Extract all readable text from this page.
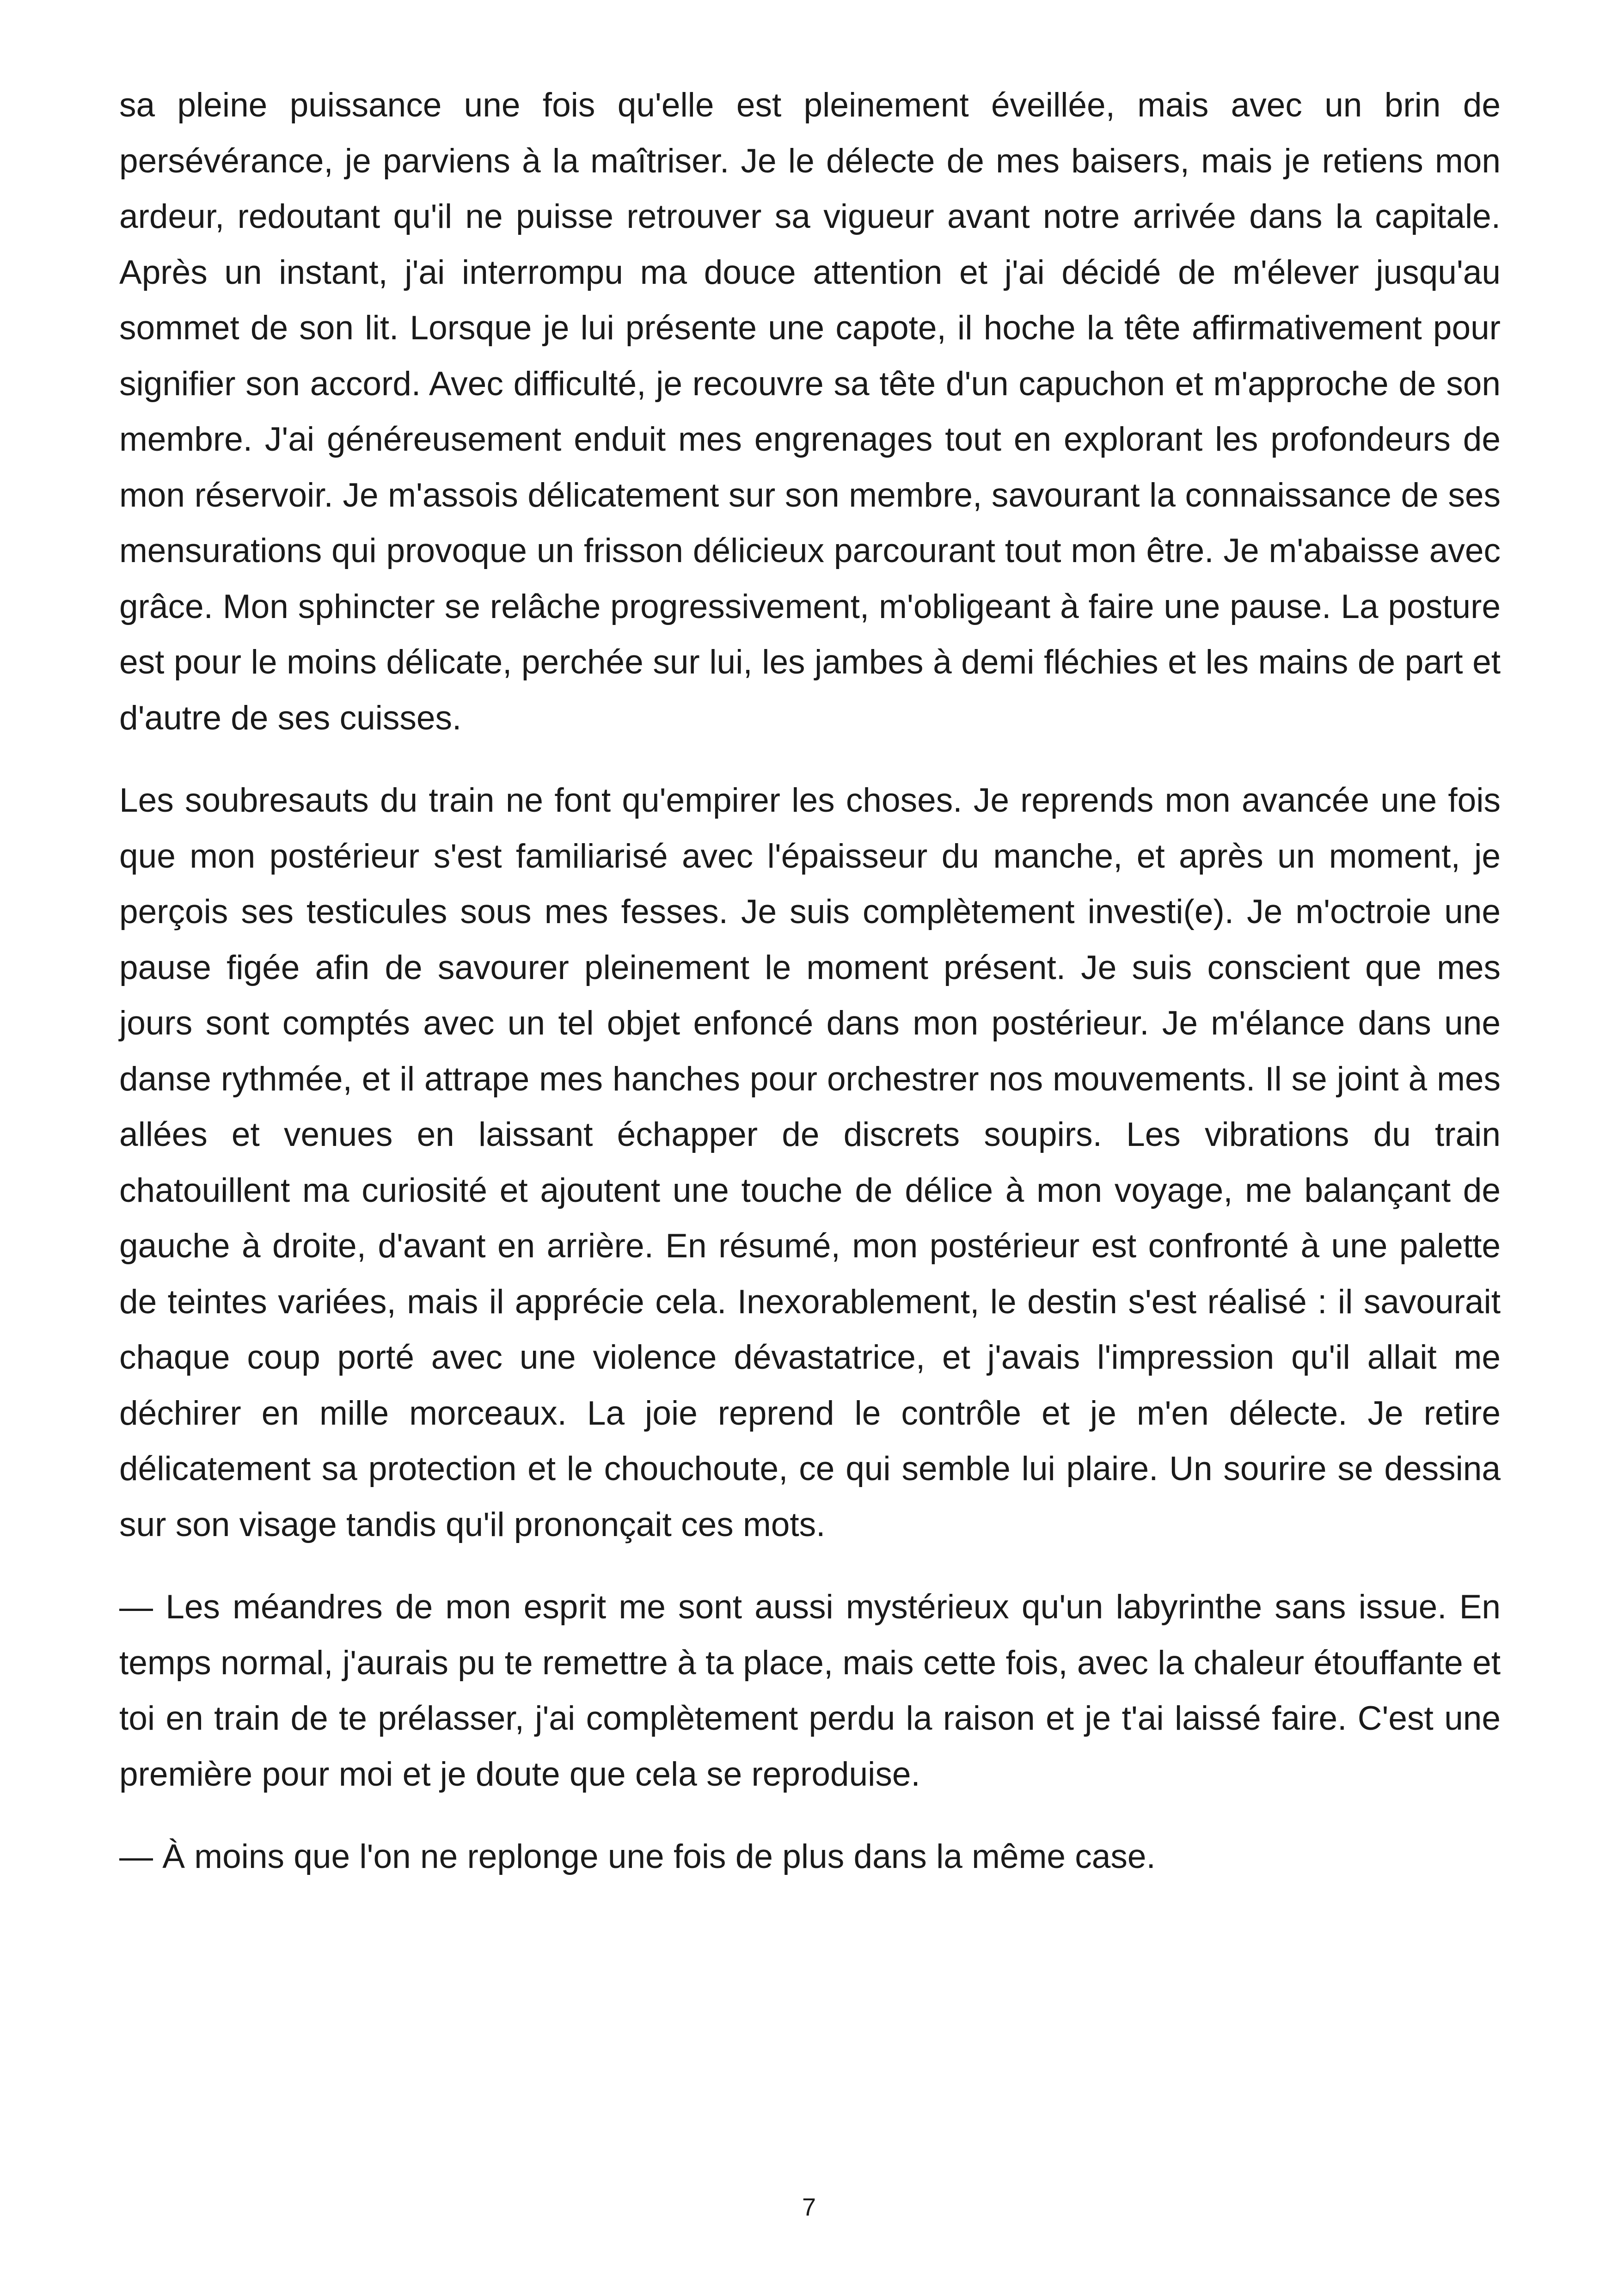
sa pleine puissance une fois qu'elle est pleinement éveillée, mais avec un brin de persévérance, je parviens à la maîtriser. Je le délecte de mes baisers, mais je retiens mon ardeur, redoutant qu'il ne puisse retrouver sa vigueur avant notre arrivée dans la capitale. Après un instant, j'ai interrompu ma douce attention et j'ai décidé de m'élever jusqu'au sommet de son lit. Lorsque je lui présente une capote, il hoche la tête affirmativement pour signifier son accord. Avec difficulté, je recouvre sa tête d'un capuchon et m'approche de son membre. J'ai généreusement enduit mes engrenages tout en explorant les profondeurs de mon réservoir. Je m'assois délicatement sur son membre, savourant la connaissance de ses mensurations qui provoque un frisson délicieux parcourant tout mon être. Je m'abaisse avec grâce. Mon sphincter se relâche progressivement, m'obligeant à faire une pause. La posture est pour le moins délicate, perchée sur lui, les jambes à demi fléchies et les mains de part et d'autre de ses cuisses.

Les soubresauts du train ne font qu'empirer les choses. Je reprends mon avancée une fois que mon postérieur s'est familiarisé avec l'épaisseur du manche, et après un moment, je perçois ses testicules sous mes fesses. Je suis complètement investi(e). Je m'octroie une pause figée afin de savourer pleinement le moment présent. Je suis conscient que mes jours sont comptés avec un tel objet enfoncé dans mon postérieur. Je m'élance dans une danse rythmée, et il attrape mes hanches pour orchestrer nos mouvements. Il se joint à mes allées et venues en laissant échapper de discrets soupirs. Les vibrations du train chatouillent ma curiosité et ajoutent une touche de délice à mon voyage, me balançant de gauche à droite, d'avant en arrière. En résumé, mon postérieur est confronté à une palette de teintes variées, mais il apprécie cela. Inexorablement, le destin s'est réalisé : il savourait chaque coup porté avec une violence dévastatrice, et j'avais l'impression qu'il allait me déchirer en mille morceaux. La joie reprend le contrôle et je m'en délecte. Je retire délicatement sa protection et le chouchoute, ce qui semble lui plaire. Un sourire se dessina sur son visage tandis qu'il prononçait ces mots.

— Les méandres de mon esprit me sont aussi mystérieux qu'un labyrinthe sans issue. En temps normal, j'aurais pu te remettre à ta place, mais cette fois, avec la chaleur étouffante et toi en train de te prélasser, j'ai complètement perdu la raison et je t'ai laissé faire. C'est une première pour moi et je doute que cela se reproduise.

— À moins que l'on ne replonge une fois de plus dans la même case.

7
